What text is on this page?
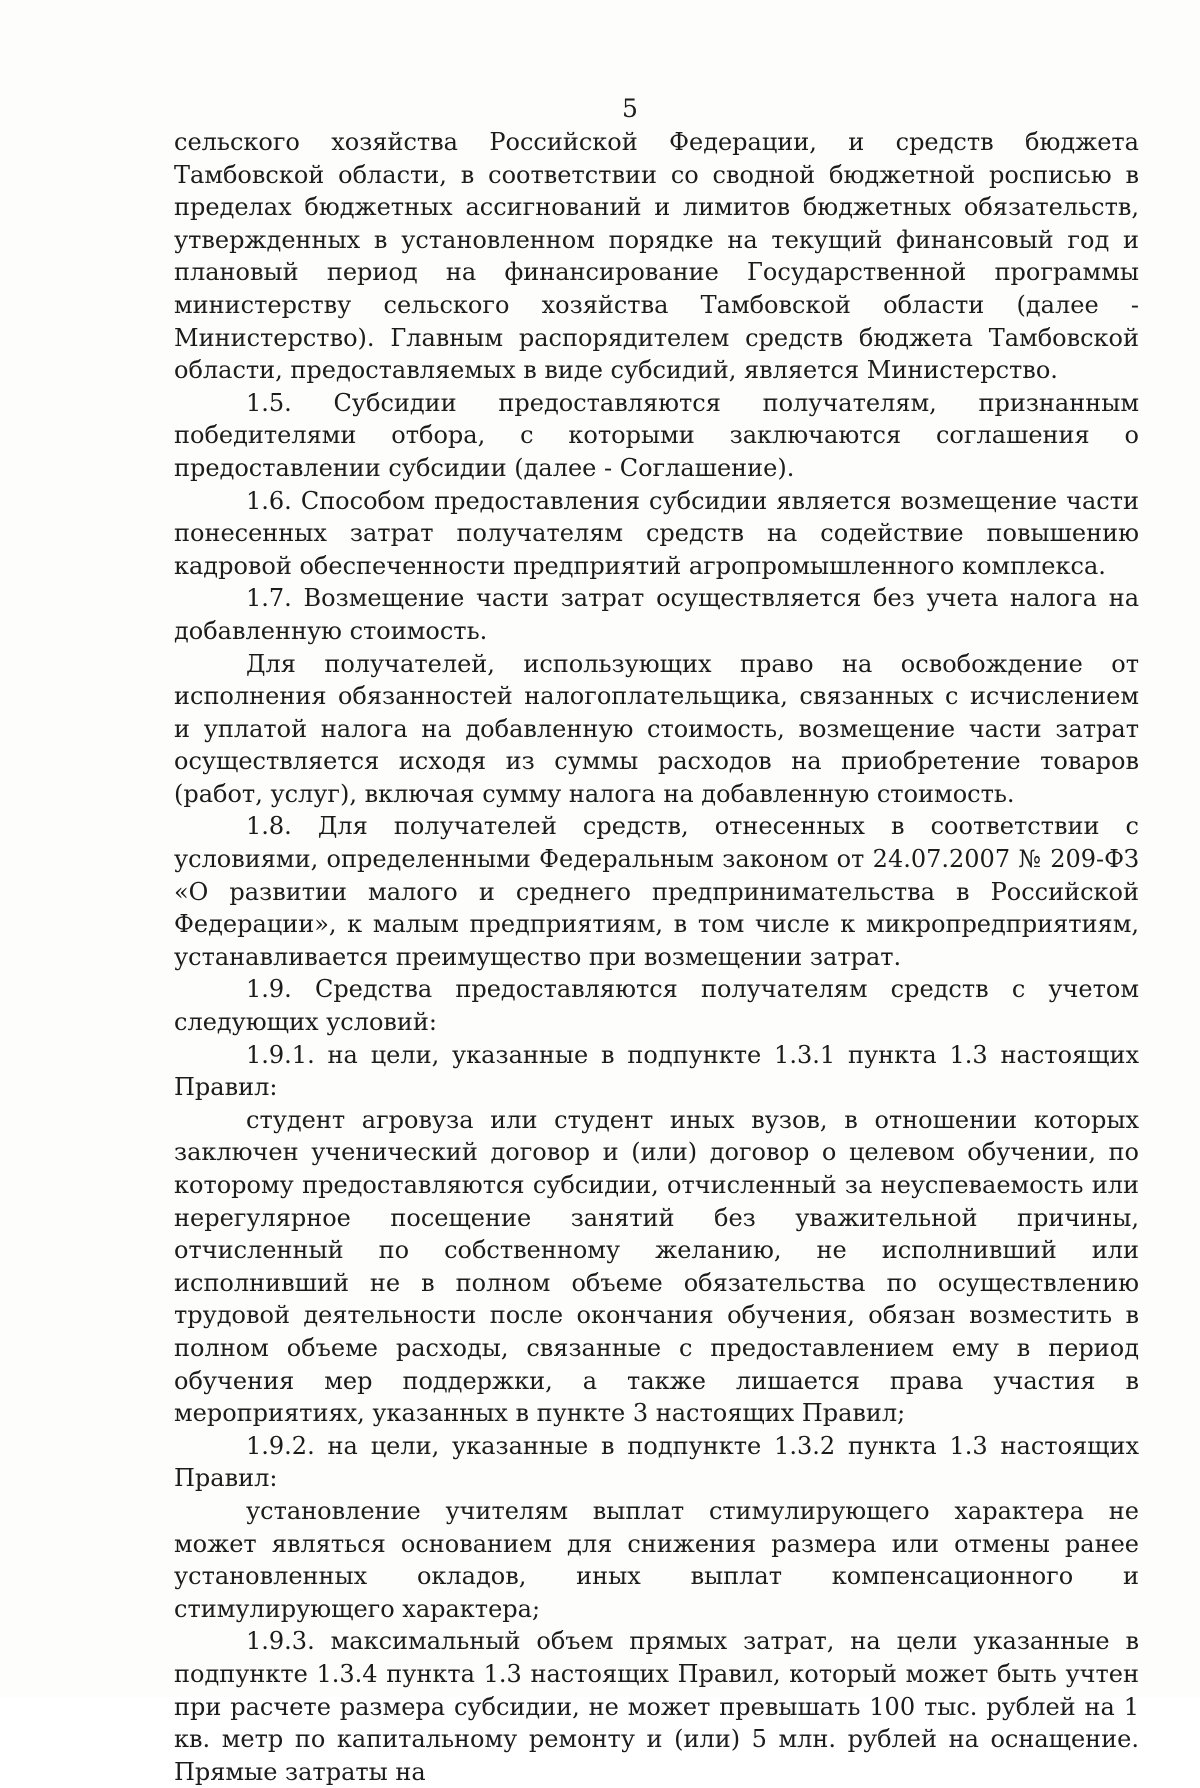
5

сельского хозяйства Российской Федерации, и средств бюджета Тамбовской области, в соответствии со сводной бюджетной росписью в пределах бюджетных ассигнований и лимитов бюджетных обязательств, утвержденных в установленном порядке на текущий финансовый год и плановый период на финансирование Государственной программы министерству сельского хозяйства Тамбовской области (далее - Министерство). Главным распорядителем средств бюджета Тамбовской области, предоставляемых в виде субсидий, является Министерство.

1.5. Субсидии предоставляются получателям, признанным победителями отбора, с которыми заключаются соглашения о предоставлении субсидии (далее - Соглашение).

1.6. Способом предоставления субсидии является возмещение части понесенных затрат получателям средств на содействие повышению кадровой обеспеченности предприятий агропромышленного комплекса.

1.7. Возмещение части затрат осуществляется без учета налога на добавленную стоимость.

Для получателей, использующих право на освобождение от исполнения обязанностей налогоплательщика, связанных с исчислением и уплатой налога на добавленную стоимость, возмещение части затрат осуществляется исходя из суммы расходов на приобретение товаров (работ, услуг), включая сумму налога на добавленную стоимость.

1.8. Для получателей средств, отнесенных в соответствии с условиями, определенными Федеральным законом от 24.07.2007 № 209-ФЗ «О развитии малого и среднего предпринимательства в Российской Федерации», к малым предприятиям, в том числе к микропредприятиям, устанавливается преимущество при возмещении затрат.

1.9. Средства предоставляются получателям средств с учетом следующих условий:

1.9.1. на цели, указанные в подпункте 1.3.1 пункта 1.3 настоящих Правил:

студент агровуза или студент иных вузов, в отношении которых заключен ученический договор и (или) договор о целевом обучении, по которому предоставляются субсидии, отчисленный за неуспеваемость или нерегулярное посещение занятий без уважительной причины, отчисленный по собственному желанию, не исполнивший или исполнивший не в полном объеме обязательства по осуществлению трудовой деятельности после окончания обучения, обязан возместить в полном объеме расходы, связанные с предоставлением ему в период обучения мер поддержки, а также лишается права участия в мероприятиях, указанных в пункте 3 настоящих Правил;

1.9.2. на цели, указанные в подпункте 1.3.2 пункта 1.3 настоящих Правил:

установление учителям выплат стимулирующего характера не может являться основанием для снижения размера или отмены ранее установленных окладов, иных выплат компенсационного и стимулирующего характера;

1.9.3. максимальный объем прямых затрат, на цели указанные в подпункте 1.3.4 пункта 1.3 настоящих Правил, который может быть учтен при расчете размера субсидии, не может превышать 100 тыс. рублей на 1 кв. метр по капитальному ремонту и (или) 5 млн. рублей на оснащение. Прямые затраты на
